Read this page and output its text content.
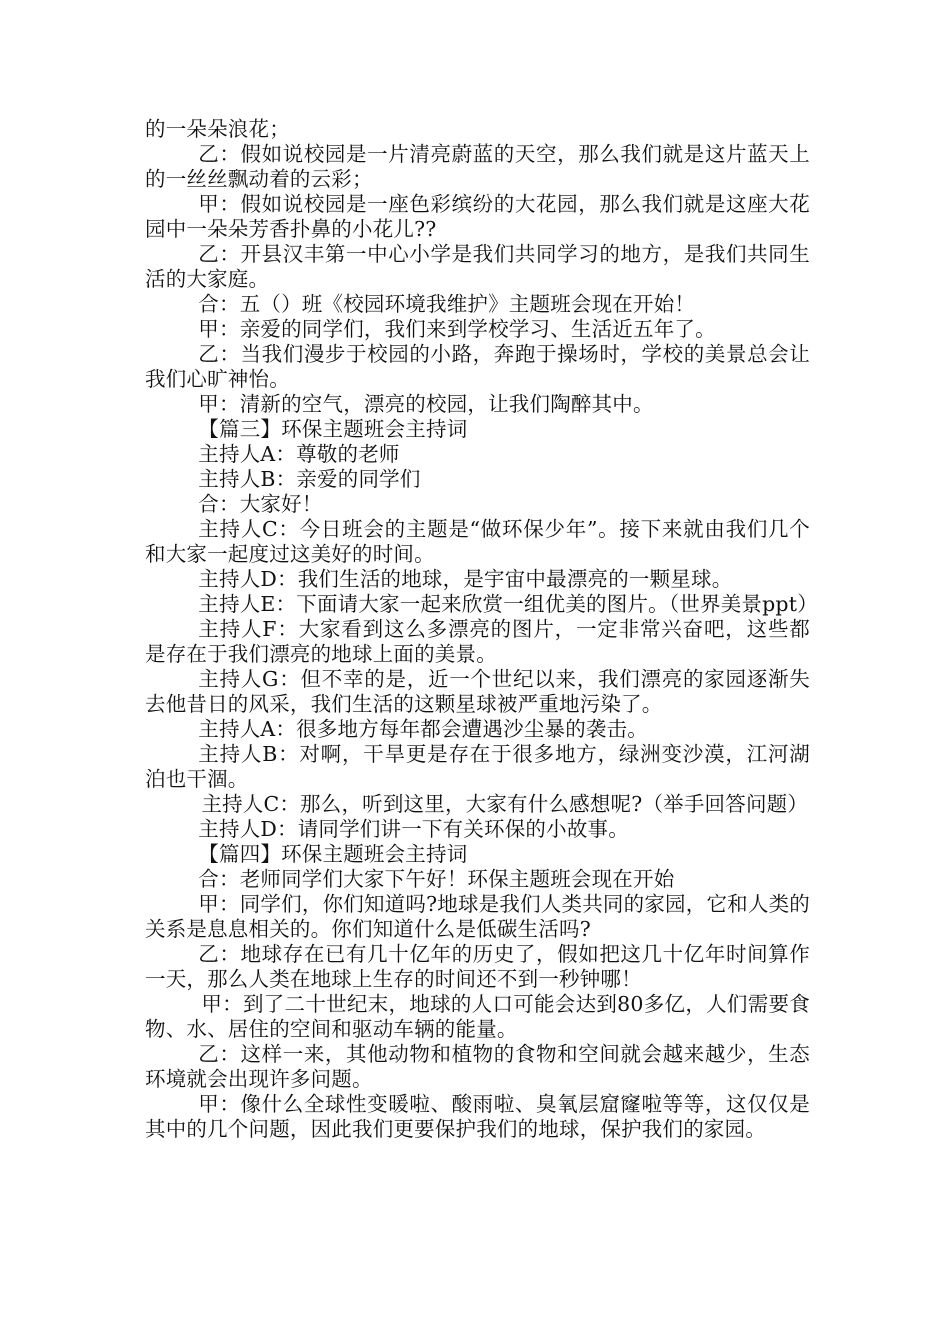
的一朵朵浪花；

乙：假如说校园是一片清亮蔚蓝的天空，那么我们就是这片蓝天上的一丝丝飘动着的云彩；

甲：假如说校园是一座色彩缤纷的大花园，那么我们就是这座大花园中一朵朵芳香扑鼻的小花儿??

乙：开县汉丰第一中心小学是我们共同学习的地方，是我们共同生活的大家庭。

合：五（）班《校园环境我维护》主题班会现在开始！

甲：亲爱的同学们，我们来到学校学习、生活近五年了。

乙：当我们漫步于校园的小路，奔跑于操场时，学校的美景总会让我们心旷神怡。

甲：清新的空气，漂亮的校园，让我们陶醉其中。

【篇三】环保主题班会主持词

主持人A：尊敬的老师

主持人B：亲爱的同学们

合：大家好！

主持人C：今日班会的主题是“做环保少年”。接下来就由我们几个和大家一起度过这美好的时间。

主持人D：我们生活的地球，是宇宙中最漂亮的一颗星球。

主持人E：下面请大家一起来欣赏一组优美的图片。（世界美景ppt）

主持人F：大家看到这么多漂亮的图片，一定非常兴奋吧，这些都是存在于我们漂亮的地球上面的美景。

主持人G：但不幸的是，近一个世纪以来，我们漂亮的家园逐渐失去他昔日的风采，我们生活的这颗星球被严重地污染了。

主持人A：很多地方每年都会遭遇沙尘暴的袭击。

主持人B：对啊，干旱更是存在于很多地方，绿洲变沙漠，江河湖泊也干涸。

主持人C：那么，听到这里，大家有什么感想呢?（举手回答问题）

主持人D：请同学们讲一下有关环保的小故事。

【篇四】环保主题班会主持词

合：老师同学们大家下午好！环保主题班会现在开始

甲：同学们，你们知道吗?地球是我们人类共同的家园，它和人类的关系是息息相关的。你们知道什么是低碳生活吗?

乙：地球存在已有几十亿年的历史了，假如把这几十亿年时间算作一天，那么人类在地球上生存的时间还不到一秒钟哪！

甲：到了二十世纪末，地球的人口可能会达到80多亿，人们需要食物、水、居住的空间和驱动车辆的能量。

乙：这样一来，其他动物和植物的食物和空间就会越来越少，生态环境就会出现许多问题。

甲：像什么全球性变暖啦、酸雨啦、臭氧层窟窿啦等等，这仅仅是其中的几个问题，因此我们更要保护我们的地球，保护我们的家园。
